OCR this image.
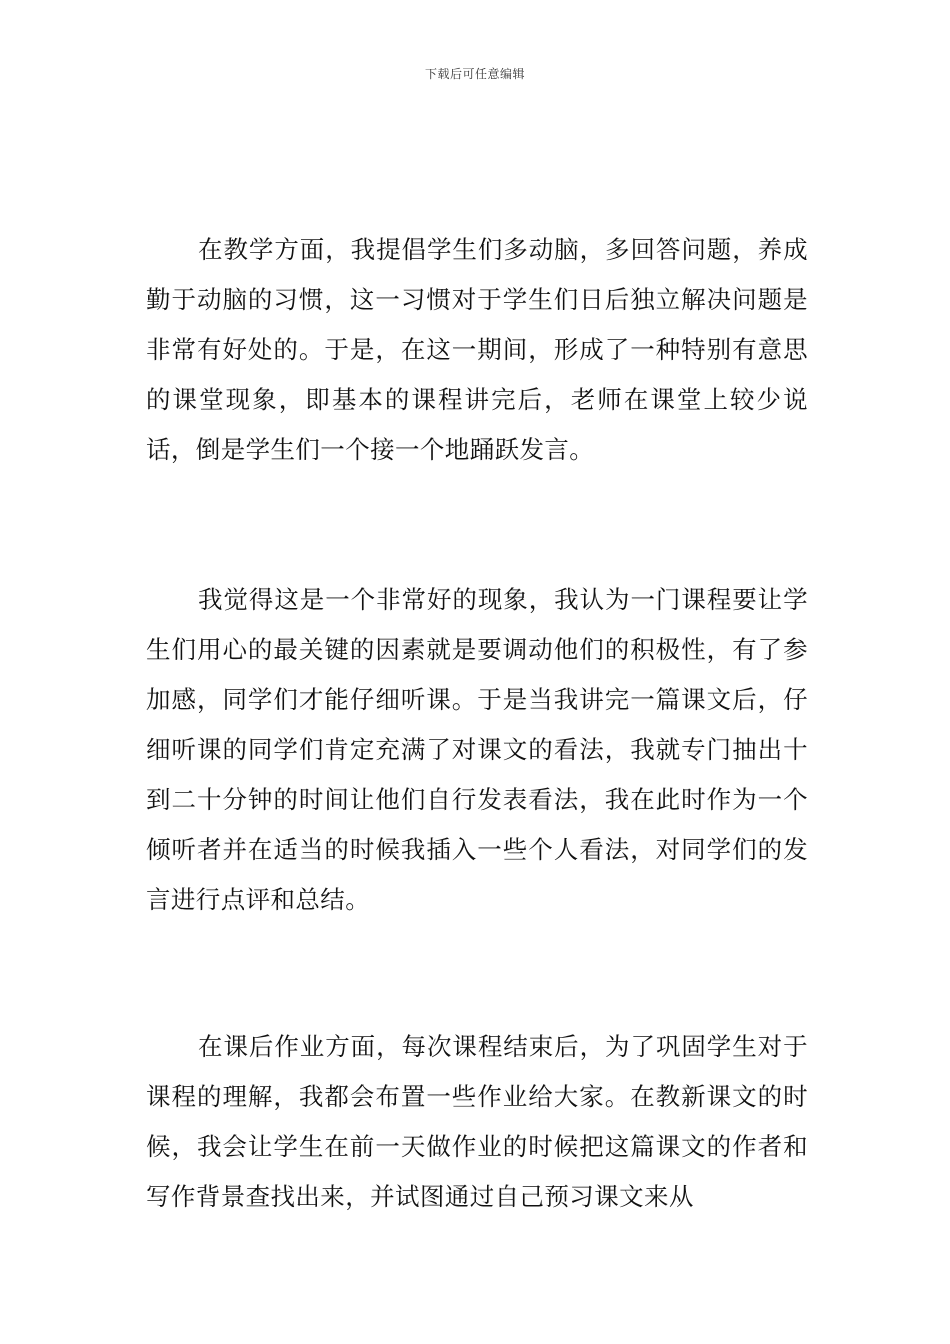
下载后可任意编辑

在教学方面，我提倡学生们多动脑，多回答问题，养成勤于动脑的习惯，这一习惯对于学生们日后独立解决问题是非常有好处的。于是，在这一期间，形成了一种特别有意思的课堂现象，即基本的课程讲完后，老师在课堂上较少说话，倒是学生们一个接一个地踊跃发言。

我觉得这是一个非常好的现象，我认为一门课程要让学生们用心的最关键的因素就是要调动他们的积极性，有了参加感，同学们才能仔细听课。于是当我讲完一篇课文后，仔细听课的同学们肯定充满了对课文的看法，我就专门抽出十到二十分钟的时间让他们自行发表看法，我在此时作为一个倾听者并在适当的时候我插入一些个人看法，对同学们的发言进行点评和总结。

在课后作业方面，每次课程结束后，为了巩固学生对于课程的理解，我都会布置一些作业给大家。在教新课文的时候，我会让学生在前一天做作业的时候把这篇课文的作者和写作背景查找出来，并试图通过自己预习课文来从
